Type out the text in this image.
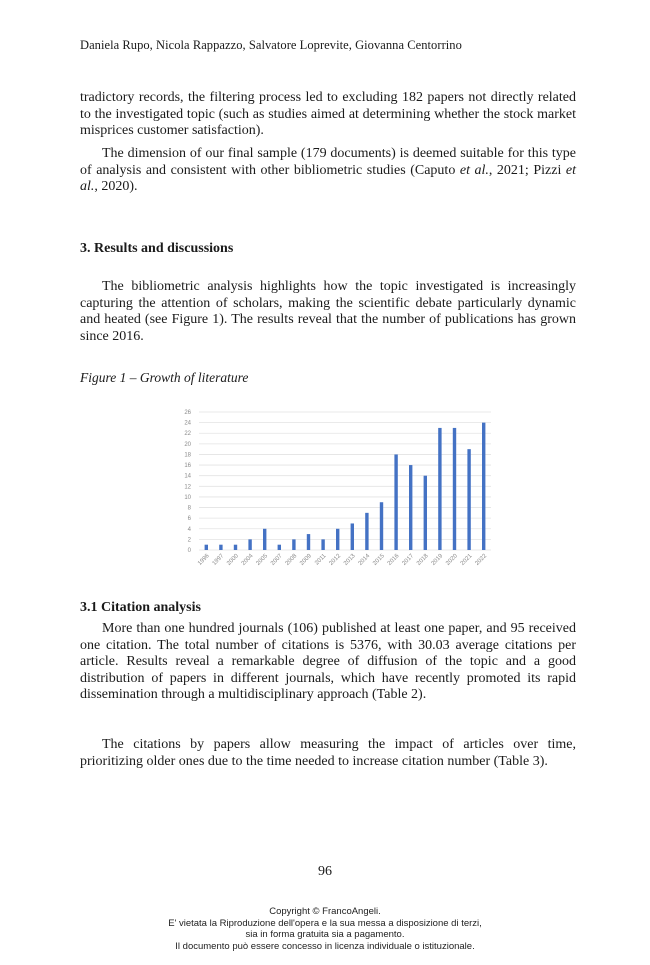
Daniela Rupo, Nicola Rappazzo, Salvatore Loprevite, Giovanna Centorrino

tradictory records, the filtering process led to excluding 182 papers not directly related to the investigated topic (such as studies aimed at determining whether the stock market misprices customer satisfaction).

The dimension of our final sample (179 documents) is deemed suitable for this type of analysis and consistent with other bibliometric studies (Caputo et al., 2021; Pizzi et al., 2020).

3. Results and discussions

The bibliometric analysis highlights how the topic investigated is increasingly capturing the attention of scholars, making the scientific debate particularly dynamic and heated (see Figure 1). The results reveal that the number of publications has grown since 2016.

Figure 1 – Growth of literature
0
2
4
6
8
10
12
14
16
18
20
22
24
26
1996 1997 2000 2004 2005 2007 2008 2009 2011 2012 2013 2014 2015 2016 2017 2018 2019 2020 2021 2022
3.1 Citation analysis

More than one hundred journals (106) published at least one paper, and 95 received one citation. The total number of citations is 5376, with 30.03 average citations per article. Results reveal a remarkable degree of diffusion of the topic and a good distribution of papers in different journals, which have recently promoted its rapid dissemination through a multidisciplinary approach (Table 2).

The citations by papers allow measuring the impact of articles over time, prioritizing older ones due to the time needed to increase citation number (Table 3).

96
Copyright © FrancoAngeli.
E' vietata la Riproduzione dell'opera e la sua messa a disposizione di terzi,
sia in forma gratuita sia a pagamento.
Il documento può essere concesso in licenza individuale o istituzionale.
